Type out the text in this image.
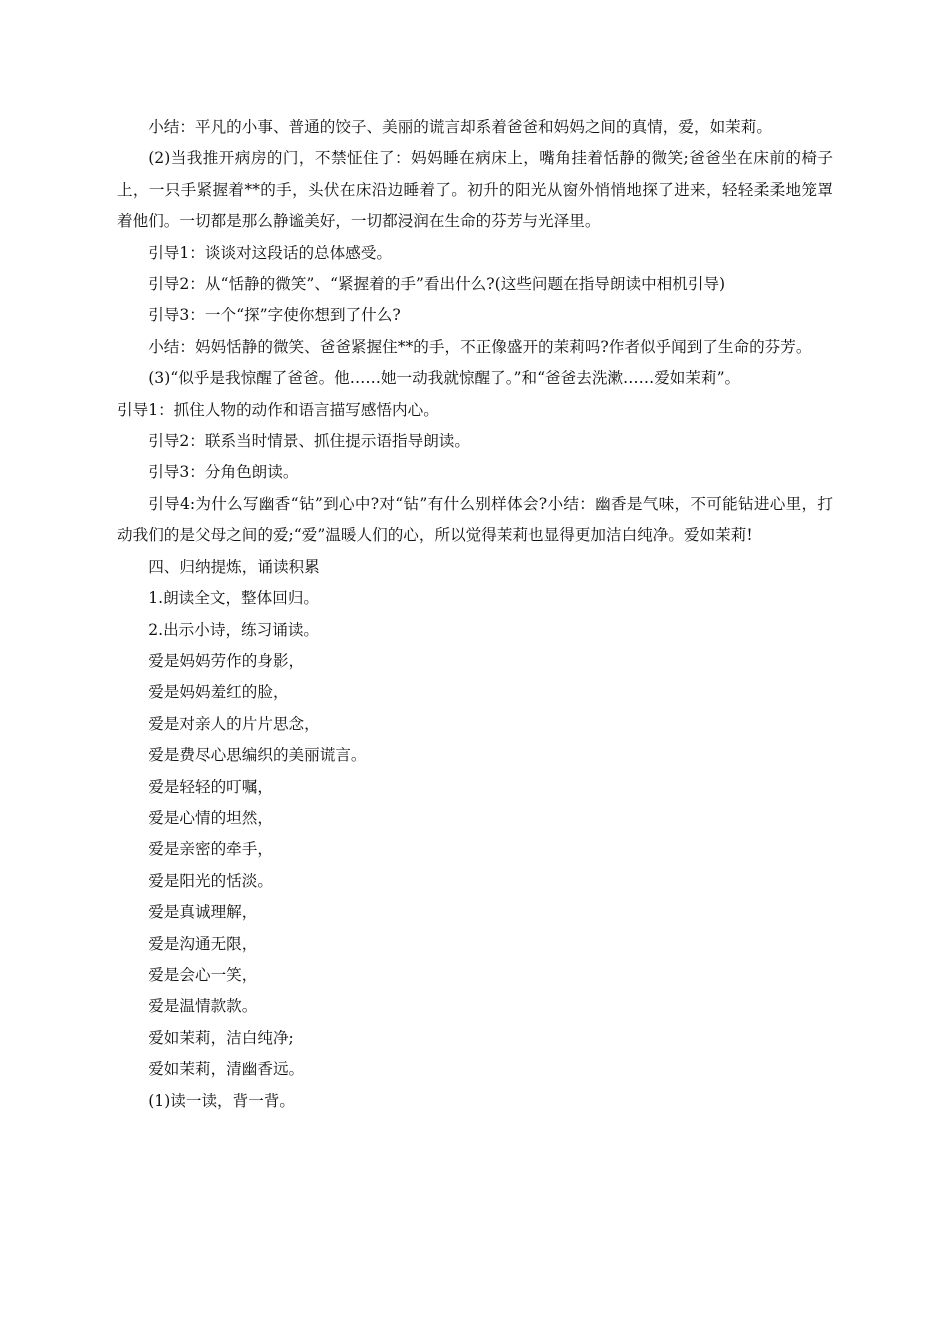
小结：平凡的小事、普通的饺子、美丽的谎言却系着爸爸和妈妈之间的真情，爱，如茉莉。

(2)当我推开病房的门，不禁怔住了：妈妈睡在病床上，嘴角挂着恬静的微笑;爸爸坐在床前的椅子上，一只手紧握着**的手，头伏在床沿边睡着了。初升的阳光从窗外悄悄地探了进来，轻轻柔柔地笼罩着他们。一切都是那么静谧美好，一切都浸润在生命的芬芳与光泽里。

引导1：谈谈对这段话的总体感受。

引导2：从“恬静的微笑”、“紧握着的手”看出什么?(这些问题在指导朗读中相机引导)

引导3：一个“探”字使你想到了什么?

小结：妈妈恬静的微笑、爸爸紧握住**的手，不正像盛开的茉莉吗?作者似乎闻到了生命的芬芳。

(3)“似乎是我惊醒了爸爸。他……她一动我就惊醒了。”和“爸爸去洗漱……爱如茉莉”。

引导1：抓住人物的动作和语言描写感悟内心。

引导2：联系当时情景、抓住提示语指导朗读。

引导3：分角色朗读。

引导4:为什么写幽香“钻”到心中?对“钻”有什么别样体会?小结：幽香是气味，不可能钻进心里，打动我们的是父母之间的爱;“爱”温暖人们的心，所以觉得茉莉也显得更加洁白纯净。爱如茉莉!

四、归纳提炼，诵读积累

1.朗读全文，整体回归。

2.出示小诗，练习诵读。

爱是妈妈劳作的身影，

爱是妈妈羞红的脸，

爱是对亲人的片片思念，

爱是费尽心思编织的美丽谎言。

爱是轻轻的叮嘱，

爱是心情的坦然，

爱是亲密的牵手，

爱是阳光的恬淡。

爱是真诚理解，

爱是沟通无限，

爱是会心一笑，

爱是温情款款。

爱如茉莉，洁白纯净;

爱如茉莉，清幽香远。

(1)读一读，背一背。
